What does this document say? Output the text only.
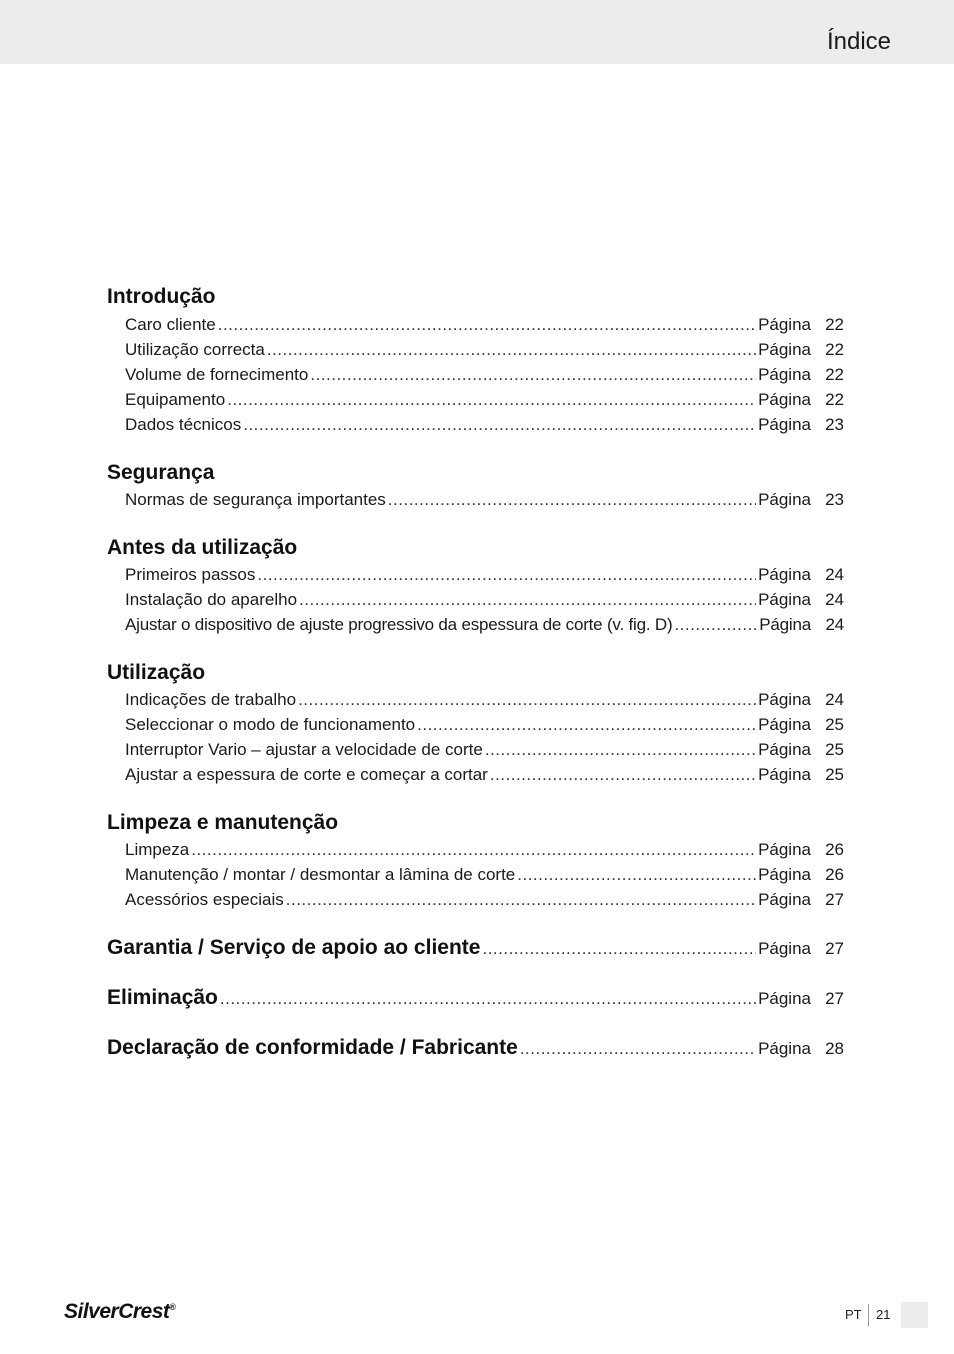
Índice
Introdução
Caro cliente .....	Página 22
Utilização correcta .....	Página 22
Volume de fornecimento .....	Página 22
Equipamento .....	Página 22
Dados técnicos .....	Página 23
Segurança
Normas de segurança importantes .....	Página 23
Antes da utilização
Primeiros passos .....	Página 24
Instalação do aparelho .....	Página 24
Ajustar o dispositivo de ajuste progressivo da espessura de corte (v. fig. D) .....	Página 24
Utilização
Indicações de trabalho .....	Página 24
Seleccionar o modo de funcionamento .....	Página 25
Interruptor Vario – ajustar a velocidade de corte .....	Página 25
Ajustar a espessura de corte e começar a cortar .....	Página 25
Limpeza e manutenção
Limpeza .....	Página 26
Manutenção / montar / desmontar a lâmina de corte .....	Página 26
Acessórios especiais .....	Página 27
Garantia / Serviço de apoio ao cliente .....	Página 27
Eliminação .....	Página 27
Declaração de conformidade / Fabricante .....	Página 28
SilverCrest®	PT 21
